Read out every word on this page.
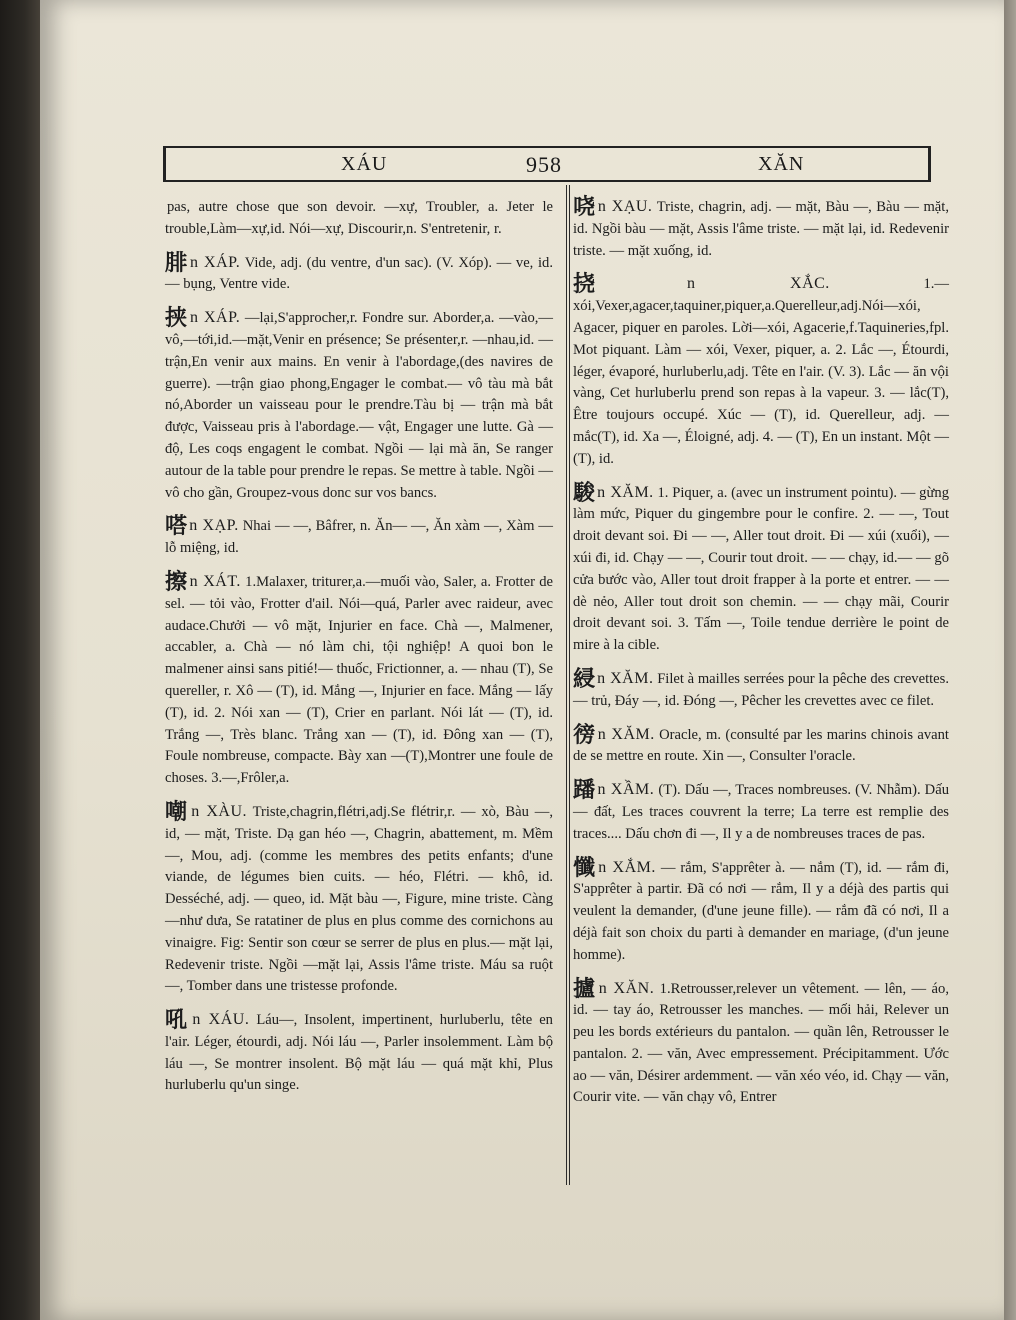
XÁU	958	XĂN

pas, autre chose que son devoir. —xự, Troubler, a. Jeter le trouble,Làm—xự,id. Nói—xự, Discourir,n. S'entretenir, r.

腓 n XÁP. Vide, adj. (du ventre, d'un sac). (V. Xóp). — ve, id. — bụng, Ventre vide.

挟 n XÁP. —lại,S'approcher,r. Fondre sur. Aborder,a. —vào,—vô,—tới,id.—mặt,Venir en présence; Se présenter,r. —nhau,id. —trận,En venir aux mains. En venir à l'abordage,(des navires de guerre). —trận giao phong,Engager le combat.— vô tàu mà bắt nó,Aborder un vaisseau pour le prendre.Tàu bị — trận mà bắt được, Vaisseau pris à l'abordage.— vật, Engager une lutte. Gà — độ, Les coqs engagent le combat. Ngồi — lại mà ăn, Se ranger autour de la table pour prendre le repas. Se mettre à table. Ngồi — vô cho gần, Groupez-vous donc sur vos bancs.

嗒 n XẠP. Nhai — —, Bâfrer, n. Ăn— —, Ăn xàm —, Xàm — lỗ miệng, id.

擦 n XÁT. 1.Malaxer, triturer,a.—muối vào, Saler, a. Frotter de sel. — tỏi vào, Frotter d'ail. Nói—quá, Parler avec raideur, avec audace.Chưởi — vô mặt, Injurier en face. Chà —, Malmener, accabler, a. Chà — nó làm chi, tội nghiệp! A quoi bon le malmener ainsi sans pitié!— thuốc, Frictionner, a. — nhau (T), Se quereller, r. Xô — (T), id. Mắng —, Injurier en face. Mắng — lấy (T), id. 2. Nói xan — (T), Crier en parlant. Nói lát — (T), id. Trắng —, Très blanc. Trắng xan — (T), id. Đông xan — (T), Foule nombreuse, compacte. Bày xan —(T),Montrer une foule de choses. 3.—,Frôler,a.

嘲 n XÀU. Triste,chagrin,flétri,adj.Se flétrir,r. — xò, Bàu —, id, — mặt, Triste. Dạ gan héo —, Chagrin, abattement, m. Mềm —, Mou, adj. (comme les membres des petits enfants; d'une viande, de légumes bien cuits. — héo, Flétri. — khô, id. Desséché, adj. — queo, id. Mặt bàu —, Figure, mine triste. Càng —như dưa, Se ratatiner de plus en plus comme des cornichons au vinaigre. Fig: Sentir son cœur se serrer de plus en plus.— mặt lại, Redevenir triste. Ngồi —mặt lại, Assis l'âme triste. Máu sa ruột —, Tomber dans une tristesse profonde.

吼 n XÁU. Láu—, Insolent, impertinent, hurluberlu, tête en l'air. Léger, étourdi, adj. Nói láu —, Parler insolemment. Làm bộ láu —, Se montrer insolent. Bộ mặt láu — quá mặt khỉ, Plus hurluberlu qu'un singe.

哓 n XẠU. Triste, chagrin, adj. — mặt, Bàu —, Bàu — mặt, id. Ngồi bàu — mặt, Assis l'âme triste. — mặt lại, id. Redevenir triste. — mặt xuống, id.

挠 n XẮC.	1.—xói,Vexer,agacer,taquiner,piquer,a.Querelleur,adj.Nói—xói, Agacer, piquer en paroles. Lời—xói, Agacerie,f.Taquineries,fpl. Mot piquant. Làm — xói, Vexer, piquer, a. 2. Lắc —, Étourdi, léger, évaporé, hurluberlu,adj. Tête en l'air. (V. 3). Lắc — ăn vội vàng, Cet hurluberlu prend son repas à la vapeur. 3. — lắc(T), Être toujours occupé. Xúc — (T), id. Querelleur, adj. — mắc(T), id. Xa —, Éloigné, adj. 4. — (T), En un instant. Một — (T), id.

駿 n XĂM. 1. Piquer, a. (avec un instrument pointu). — gừng làm mức, Piquer du gingembre pour le confire. 2. — —, Tout droit devant soi. Đi — —, Aller tout droit. Đi — xúi (xuổi), — xúi đi, id. Chạy — —, Courir tout droit. — — chạy, id.— — gõ cửa bước vào, Aller tout droit frapper à la porte et entrer. — — dè nẻo, Aller tout droit son chemin. — — chạy mãi, Courir droit devant soi. 3. Tấm —, Toile tendue derrière le point de mire à la cible.

綅 n XĂM. Filet à mailles serrées pour la pêche des crevettes. — trủ, Đáy —, id. Đóng —, Pêcher les crevettes avec ce filet.

徬 n XĂM. Oracle, m. (consulté par les marins chinois avant de se mettre en route. Xin —, Consulter l'oracle.

蹯 n XẦM. (T). Dấu —, Traces nombreuses. (V. Nhẫm). Dấu — đất, Les traces couvrent la terre; La terre est remplie des traces.... Dấu chơn đi —, Il y a de nombreuses traces de pas.

懺 n XẮM. — rắm, S'apprêter à. — nắm (T), id. — rắm đi, S'apprêter à partir. Đã có nơi — rắm, Il y a déjà des partis qui veulent la demander, (d'une jeune fille). — rắm đã có nơi, Il a déjà fait son choix du parti à demander en mariage, (d'un jeune homme).

攎 n XĂN. 1.Retrousser,relever un vêtement. — lên, — áo, id. — tay áo, Retrousser les manches. — mối hải, Relever un peu les bords extérieurs du pantalon. — quần lên, Retrousser le pantalon. 2. — văn, Avec empressement. Précipitamment. Ước ao — văn, Désirer ardemment. — văn xéo véo, id. Chạy — văn, Courir vite. — văn chạy vô, Entrer
